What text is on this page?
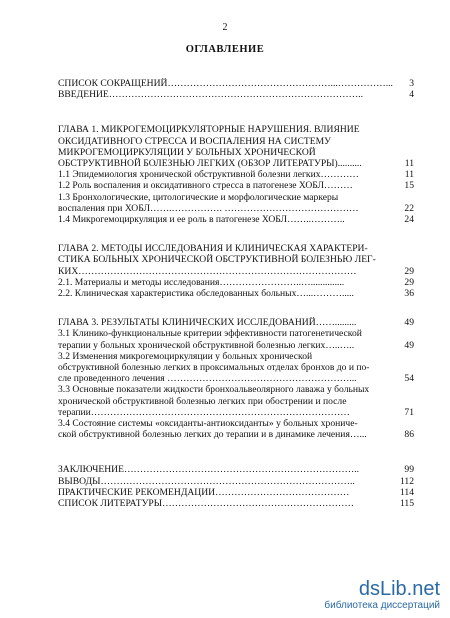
2
ОГЛАВЛЕНИЕ
СПИСОК СОКРАЩЕНИЙ……………………………………………...……………... 3
ВВЕДЕНИЕ……………………………………………………………………..	4
ГЛАВА 1. МИКРОГЕМОЦИРКУЛЯТОРНЫЕ НАРУШЕНИЯ. ВЛИЯНИЕ
ОКСИДАТИВНОГО СТРЕССА И ВОСПАЛЕНИЯ НА СИСТЕМУ
МИКРОГЕМОЦИРКУЛЯЦИИ У БОЛЬНЫХ ХРОНИЧЕСКОЙ
ОБСТРУКТИВНОЙ БОЛЕЗНЬЮ ЛЕГКИХ (ОБЗОР ЛИТЕРАТУРЫ)..........	11
1.1 Эпидемиология хронической обструктивной болезни легких…………	11
1.2 Роль воспаления и оксидативного стресса в патогенезе ХОБЛ………	15
1.3 Бронхологические, цитологические и морфологические маркеры
воспаления при ХОБЛ…….……………. ……………………………………	22
1.4 Микрогемоциркуляция и ее роль в патогенезе ХОБЛ……..………..	24
ГЛАВА 2. МЕТОДЫ ИССЛЕДОВАНИЯ И КЛИНИЧЕСКАЯ ХАРАКТЕРИ-
СТИКА БОЛЬНЫХ ХРОНИЧЕСКОЙ ОБСТРУКТИВНОЙ БОЛЕЗНЬЮ ЛЕГ-
КИХ……………………………………………………………………………	29
2.1. Материалы и методы исследования……………………..…..............	29
2.2. Клиническая характеристика обследованных больных…...……….....	36
ГЛАВА 3. РЕЗУЛЬТАТЫ КЛИНИЧЕСКИХ ИССЛЕДОВАНИЙ…….........	49
3.1 Клинико-функциональные критерии эффективности патогенетической
терапии у больных хронической обструктивной болезнью легких…..…..	49
3.2 Изменения микрогемоциркуляции у больных хронической
обструктивной болезнью легких в проксимальных отделах бронхов до и по-
сле проведенного лечения …………………………………………………...	54
3.3 Основные показатели жидкости бронхоальвеолярного лаважа у больных
хронической обструктивной болезнью легких при обострении и после
терапии………………………………………………………………………	71
3.4 Состояние системы «оксиданты-антиоксиданты» у больных хрониче-
ской обструктивной болезнью легких до терапии и в динамике лечения…...	86
ЗАКЛЮЧЕНИЕ………………………………………………………………..	99
ВЫВОДЫ……………………………………………………………………..	112
ПРАКТИЧЕСКИЕ РЕКОМЕНДАЦИИ……………………………………	114
СПИСОК ЛИТЕРАТУРЫ……………………………………………………	115
dsLib.net
библиотека диссертаций
